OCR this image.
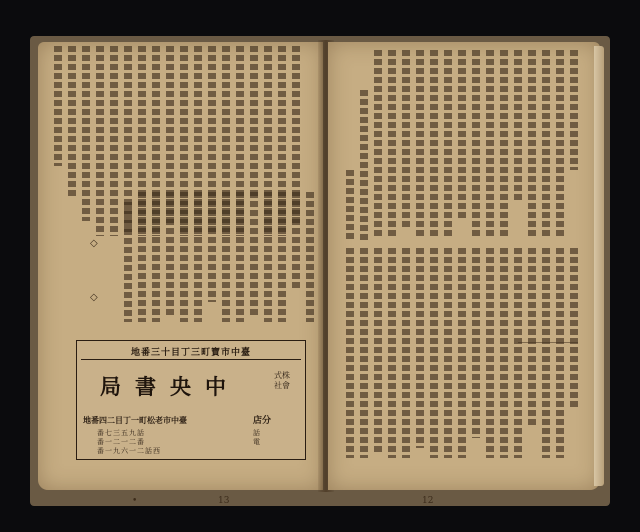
◇
◇
•	13	12
地番三十目丁三町寶市中臺
局書央中	式株 社會
地番四二目丁一町松老市中臺	店分
番七三五九話
番一二一二番
番一九六一二話西
話電
